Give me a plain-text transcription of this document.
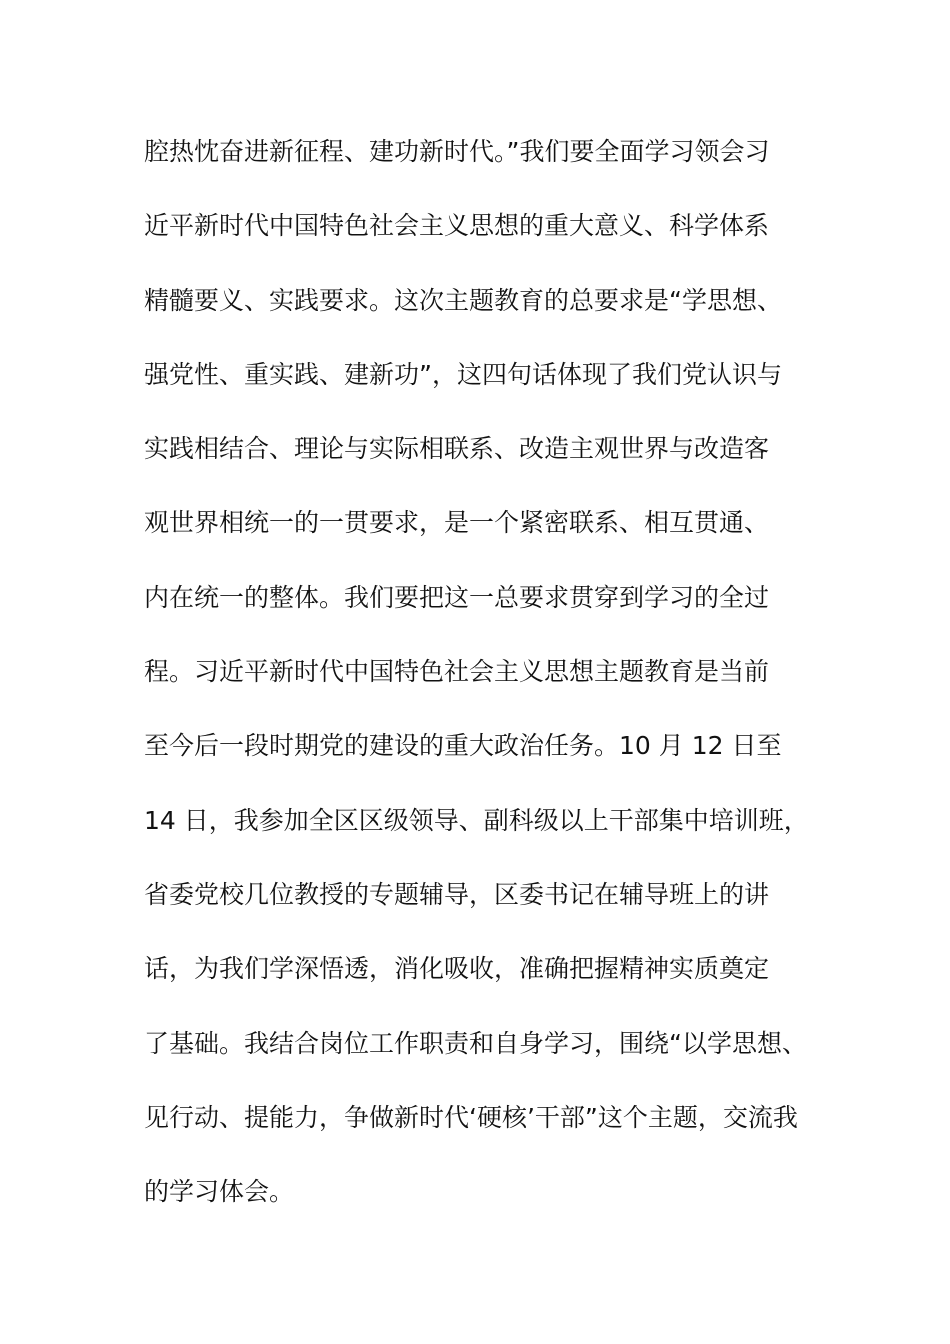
腔热忱奋进新征程、建功新时代。”我们要全面学习领会习
近平新时代中国特色社会主义思想的重大意义、科学体系
精髓要义、实践要求。这次主题教育的总要求是“学思想、
强党性、重实践、建新功”，这四句话体现了我们党认识与
实践相结合、理论与实际相联系、改造主观世界与改造客
观世界相统一的一贯要求，是一个紧密联系、相互贯通、
内在统一的整体。我们要把这一总要求贯穿到学习的全过
程。习近平新时代中国特色社会主义思想主题教育是当前
至今后一段时期党的建设的重大政治任务。10 月 12 日至
14 日，我参加全区区级领导、副科级以上干部集中培训班，
省委党校几位教授的专题辅导，区委书记在辅导班上的讲
话，为我们学深悟透，消化吸收，准确把握精神实质奠定
了基础。我结合岗位工作职责和自身学习，围绕“以学思想、
见行动、提能力，争做新时代‘硬核’干部”这个主题，交流我
的学习体会。
